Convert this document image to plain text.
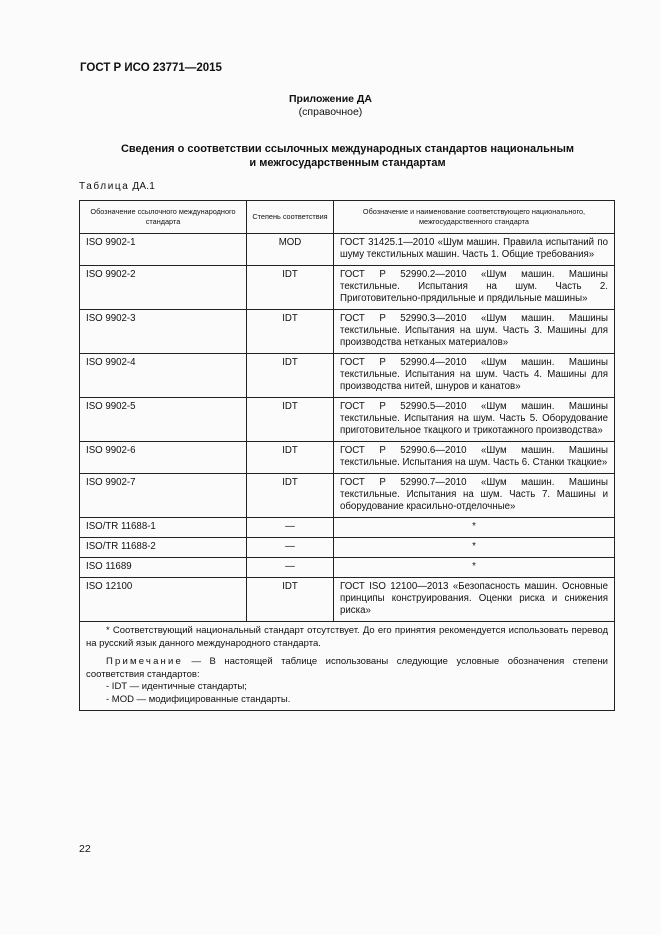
ГОСТ Р ИСО 23771—2015
Приложение ДА
(справочное)
Сведения о соответствии ссылочных международных стандартов национальным
и межгосударственным стандартам
Таблица ДА.1
Обозначение ссылочного международного стандарта	Степень соответствия	Обозначение и наименование соответствующего национального, межгосударственного стандарта
ISO 9902-1	MOD	ГОСТ 31425.1—2010 «Шум машин. Правила испытаний по шуму текстильных машин. Часть 1. Общие требования»
ISO 9902-2	IDT	ГОСТ Р 52990.2—2010 «Шум машин. Машины текстильные. Испытания на шум. Часть 2. Приготовительно-прядильные и прядильные машины»
ISO 9902-3	IDT	ГОСТ Р 52990.3—2010 «Шум машин. Машины текстильные. Испытания на шум. Часть 3. Машины для производства нетканых материалов»
ISO 9902-4	IDT	ГОСТ Р 52990.4—2010 «Шум машин. Машины текстильные. Испытания на шум. Часть 4. Машины для производства нитей, шнуров и канатов»
ISO 9902-5	IDT	ГОСТ Р 52990.5—2010 «Шум машин. Машины текстильные. Испытания на шум. Часть 5. Оборудование приготовительное ткацкого и трикотажного производства»
ISO 9902-6	IDT	ГОСТ Р 52990.6—2010 «Шум машин. Машины текстильные. Испытания на шум. Часть 6. Станки ткацкие»
ISO 9902-7	IDT	ГОСТ Р 52990.7—2010 «Шум машин. Машины текстильные. Испытания на шум. Часть 7. Машины и оборудование красильно-отделочные»
ISO/TR 11688-1	—	*
ISO/TR 11688-2	—	*
ISO 11689	—	*
ISO 12100	IDT	ГОСТ ISO 12100—2013 «Безопасность машин. Основные принципы конструирования. Оценки риска и снижения риска»

* Соответствующий национальный стандарт отсутствует. До его принятия рекомендуется использовать перевод на русский язык данного международного стандарта.

Примечание — В настоящей таблице использованы следующие условные обозначения степени соответствия стандартов:

- IDT — идентичные стандарты;
- MOD — модифицированные стандарты.		
22
